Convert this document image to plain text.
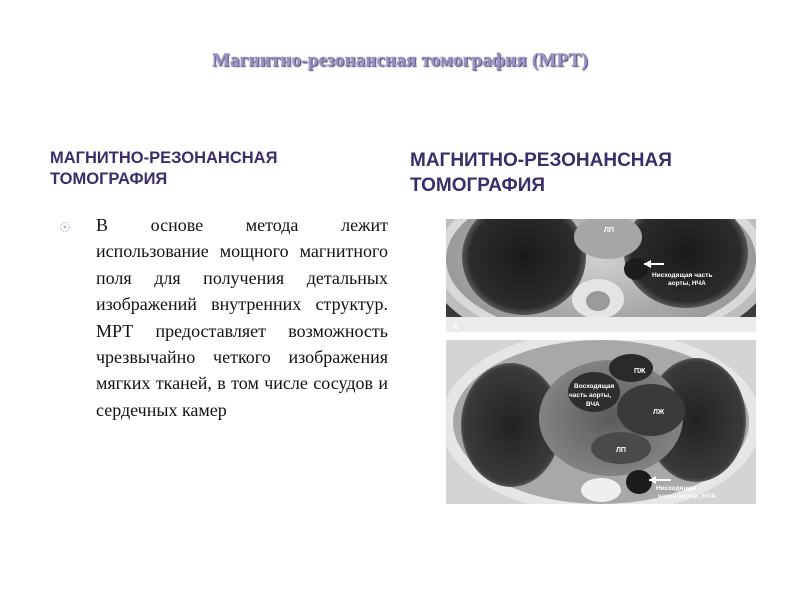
Магнитно-резонансная томография (МРТ)
МАГНИТНО-РЕЗОНАНСНАЯ ТОМОГРАФИЯ
МАГНИТНО-РЕЗОНАНСНАЯ ТОМОГРАФИЯ
В основе метода лежит использование мощного магнитного поля для получения детальных изображений внутренних структур. МРТ предоставляет возможность чрезвычайно четкого изображения мягких тканей, в том числе сосудов и сердечных камер
ЛП
Нисходящая часть
аорты, НЧА
A
ПЖ
Восходящая
часть аорты,
ВЧА
ЛЖ
ЛП
Нисходящая
часть аорты, НЧА
